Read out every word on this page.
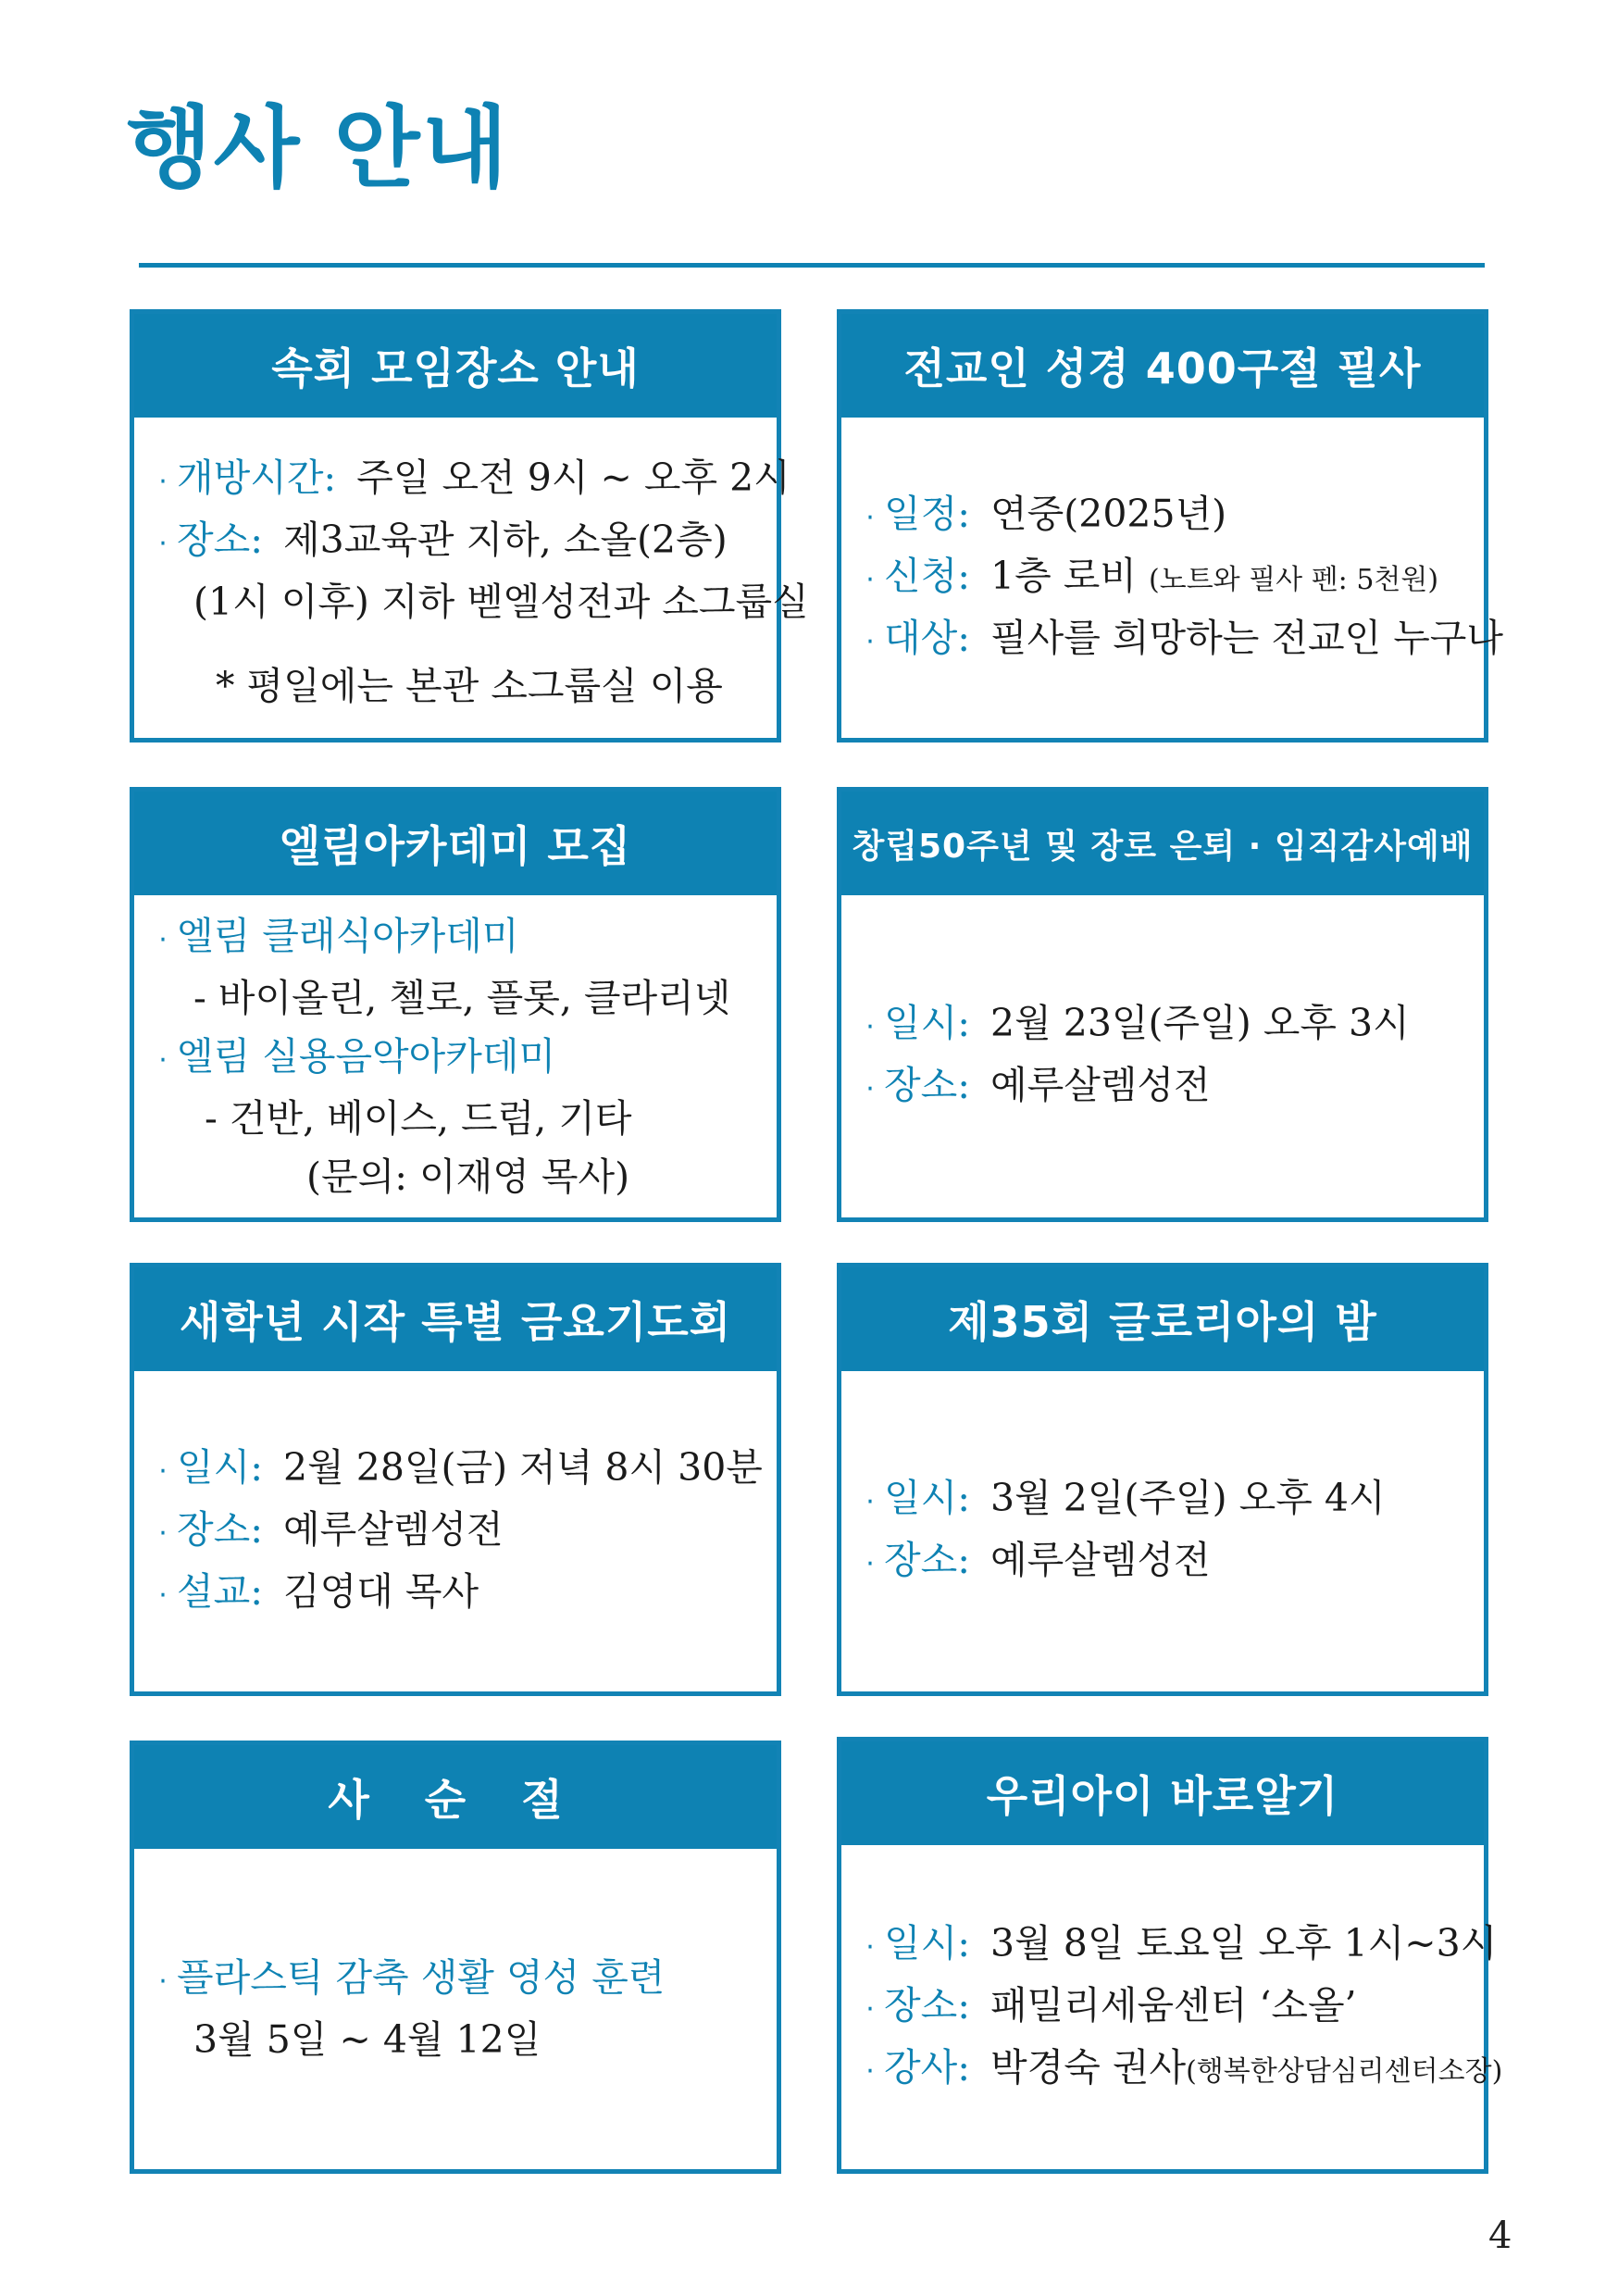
행사 안내
속회 모임장소 안내
· 개방시간: 주일 오전 9시 ~ 오후 2시
· 장소: 제3교육관 지하, 소올(2층)
(1시 이후) 지하 벧엘성전과 소그룹실
* 평일에는 본관 소그룹실 이용
전교인 성경 400구절 필사
· 일정: 연중(2025년)
· 신청: 1층 로비 (노트와 필사 펜: 5천원)
· 대상: 필사를 희망하는 전교인 누구나
엘림아카데미 모집
· 엘림 클래식아카데미
- 바이올린, 첼로, 플롯, 클라리넷
· 엘림 실용음악아카데미
- 건반, 베이스, 드럼, 기타
(문의: 이재영 목사)
창립50주년 및 장로 은퇴 · 임직감사예배
· 일시: 2월 23일(주일) 오후 3시
· 장소: 예루살렘성전
새학년 시작 특별 금요기도회
· 일시: 2월 28일(금) 저녁 8시 30분
· 장소: 예루살렘성전
· 설교: 김영대 목사
제35회 글로리아의 밤
· 일시: 3월 2일(주일) 오후 4시
· 장소: 예루살렘성전
사 순 절
· 플라스틱 감축 생활 영성 훈련
3월 5일 ~ 4월 12일
우리아이 바로알기
· 일시: 3월 8일 토요일 오후 1시~3시
· 장소: 패밀리세움센터 ‘소올’
· 강사: 박경숙 권사(행복한상담심리센터소장)
4
